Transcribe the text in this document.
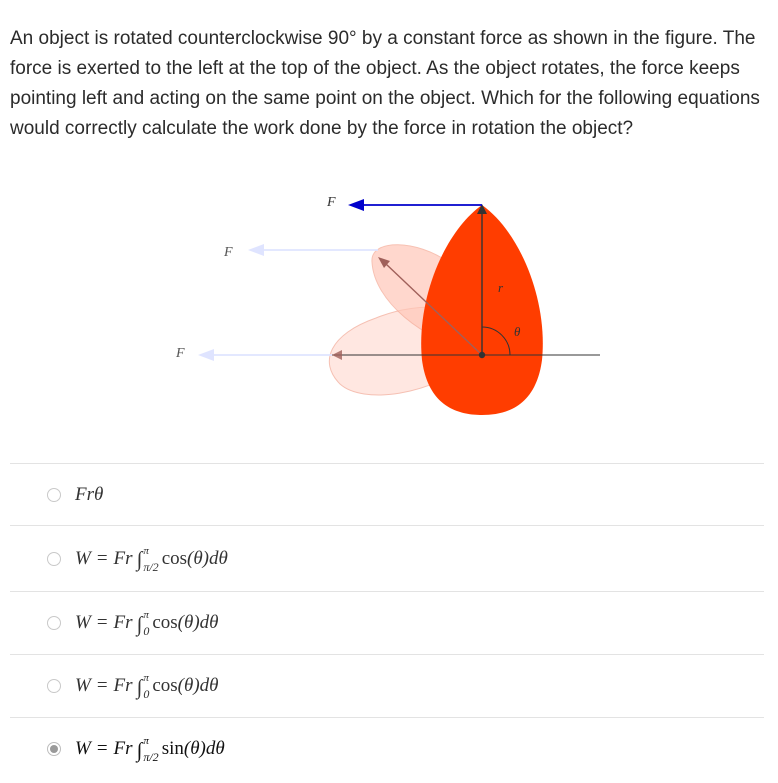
An object is rotated counterclockwise 90° by a constant force as shown in the figure. The force is exerted to the left at the top of the object. As the object rotates, the force keeps pointing left and acting on the same point on the object. Which for the following equations would correctly calculate the work done by the force in rotation the object?
θ
r
F⃗
F⃗
F⃗
F r θ
W = F r ∫ π
π/2 cos (θ) dθ
W = F r ∫ π
0 cos (θ) dθ
W = F r ∫ π
0 cos (θ) dθ
W = F r ∫ π
π/2 sin (θ) dθ
